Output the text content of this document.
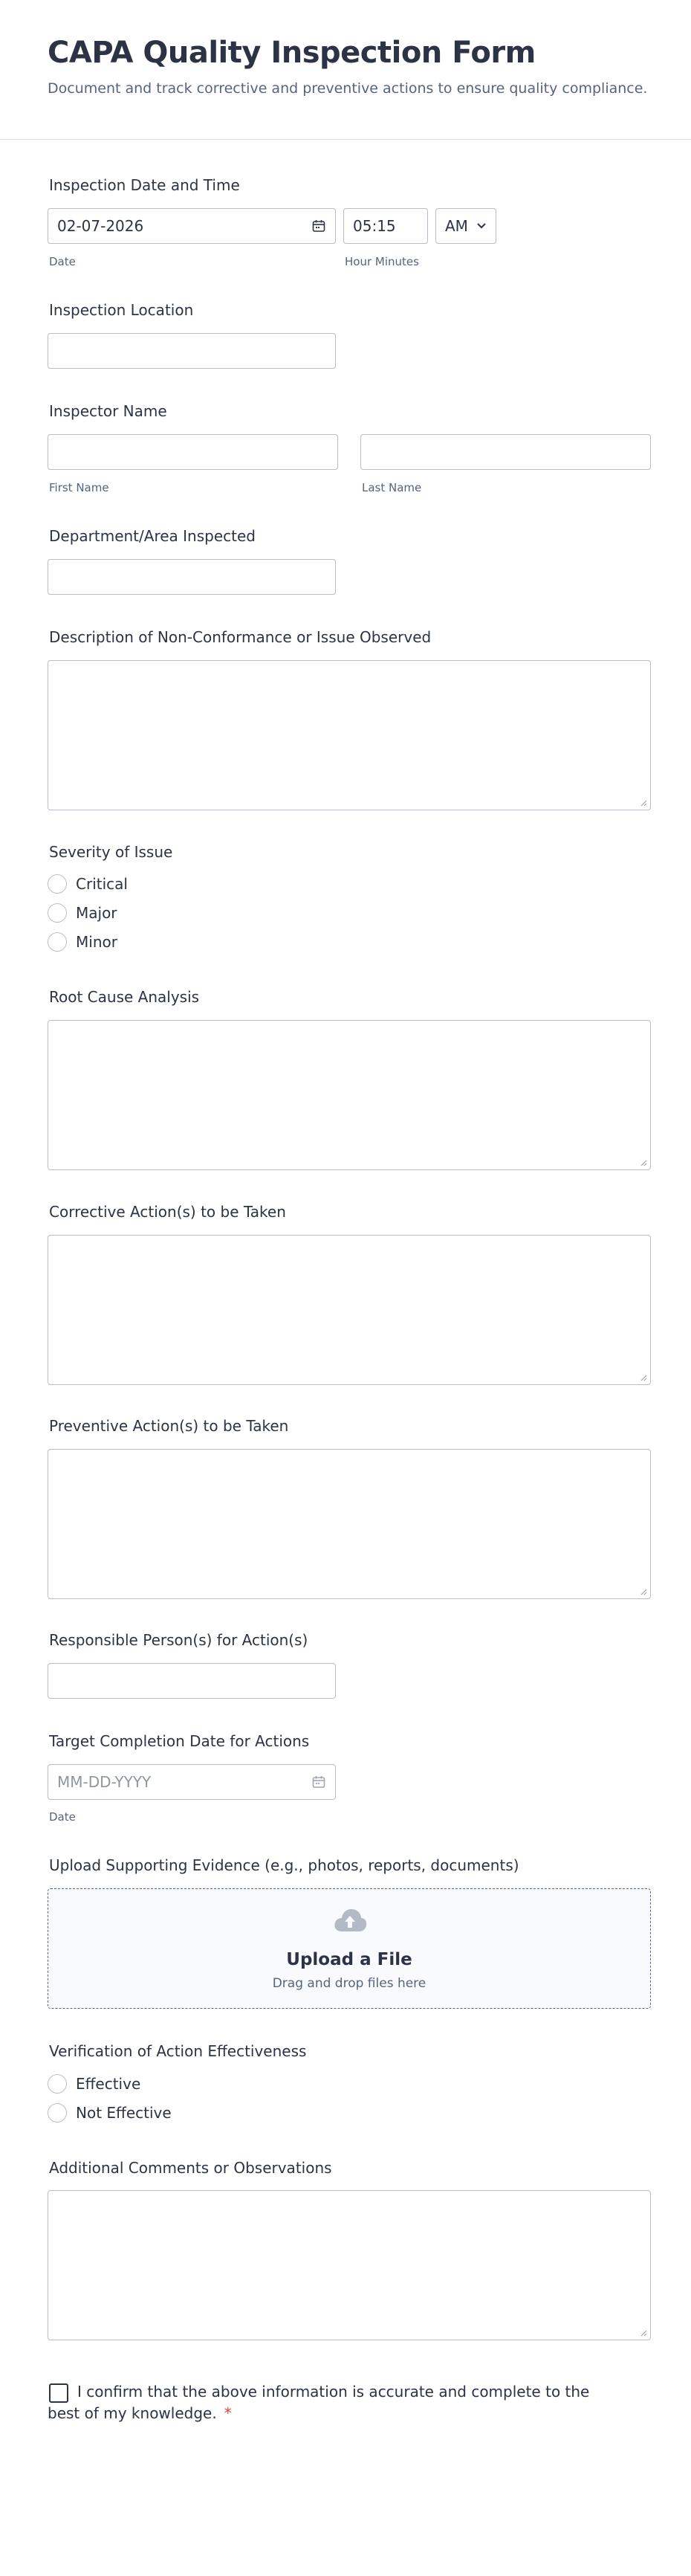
CAPA Quality Inspection Form
Document and track corrective and preventive actions to ensure quality compliance.
Inspection Date and Time
02-07-2026	05:15	AM
Date	Hour Minutes
Inspection Location
Inspector Name
First Name	Last Name
Department/Area Inspected
Description of Non-Conformance or Issue Observed
Severity of Issue
Critical
Major
Minor
Root Cause Analysis
Corrective Action(s) to be Taken
Preventive Action(s) to be Taken
Responsible Person(s) for Action(s)
Target Completion Date for Actions
MM-DD-YYYY
Date
Upload Supporting Evidence (e.g., photos, reports, documents)
Upload a File
Drag and drop files here
Verification of Action Effectiveness
Effective
Not Effective
Additional Comments or Observations
I confirm that the above information is accurate and complete to the
best of my knowledge. *
